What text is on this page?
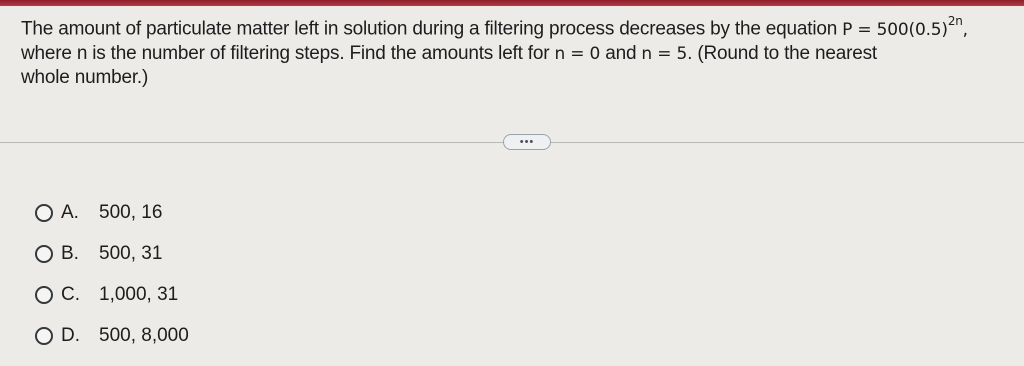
The amount of particulate matter left in solution during a filtering process decreases by the equation $P = 500(0.5)^{2n}$,
where n is the number of filtering steps. Find the amounts left for n = 0 and n = 5. (Round to the nearest
whole number.)
•••
A.	500, 16
B.	500, 31
C.	1,000, 31
D.	500, 8,000
